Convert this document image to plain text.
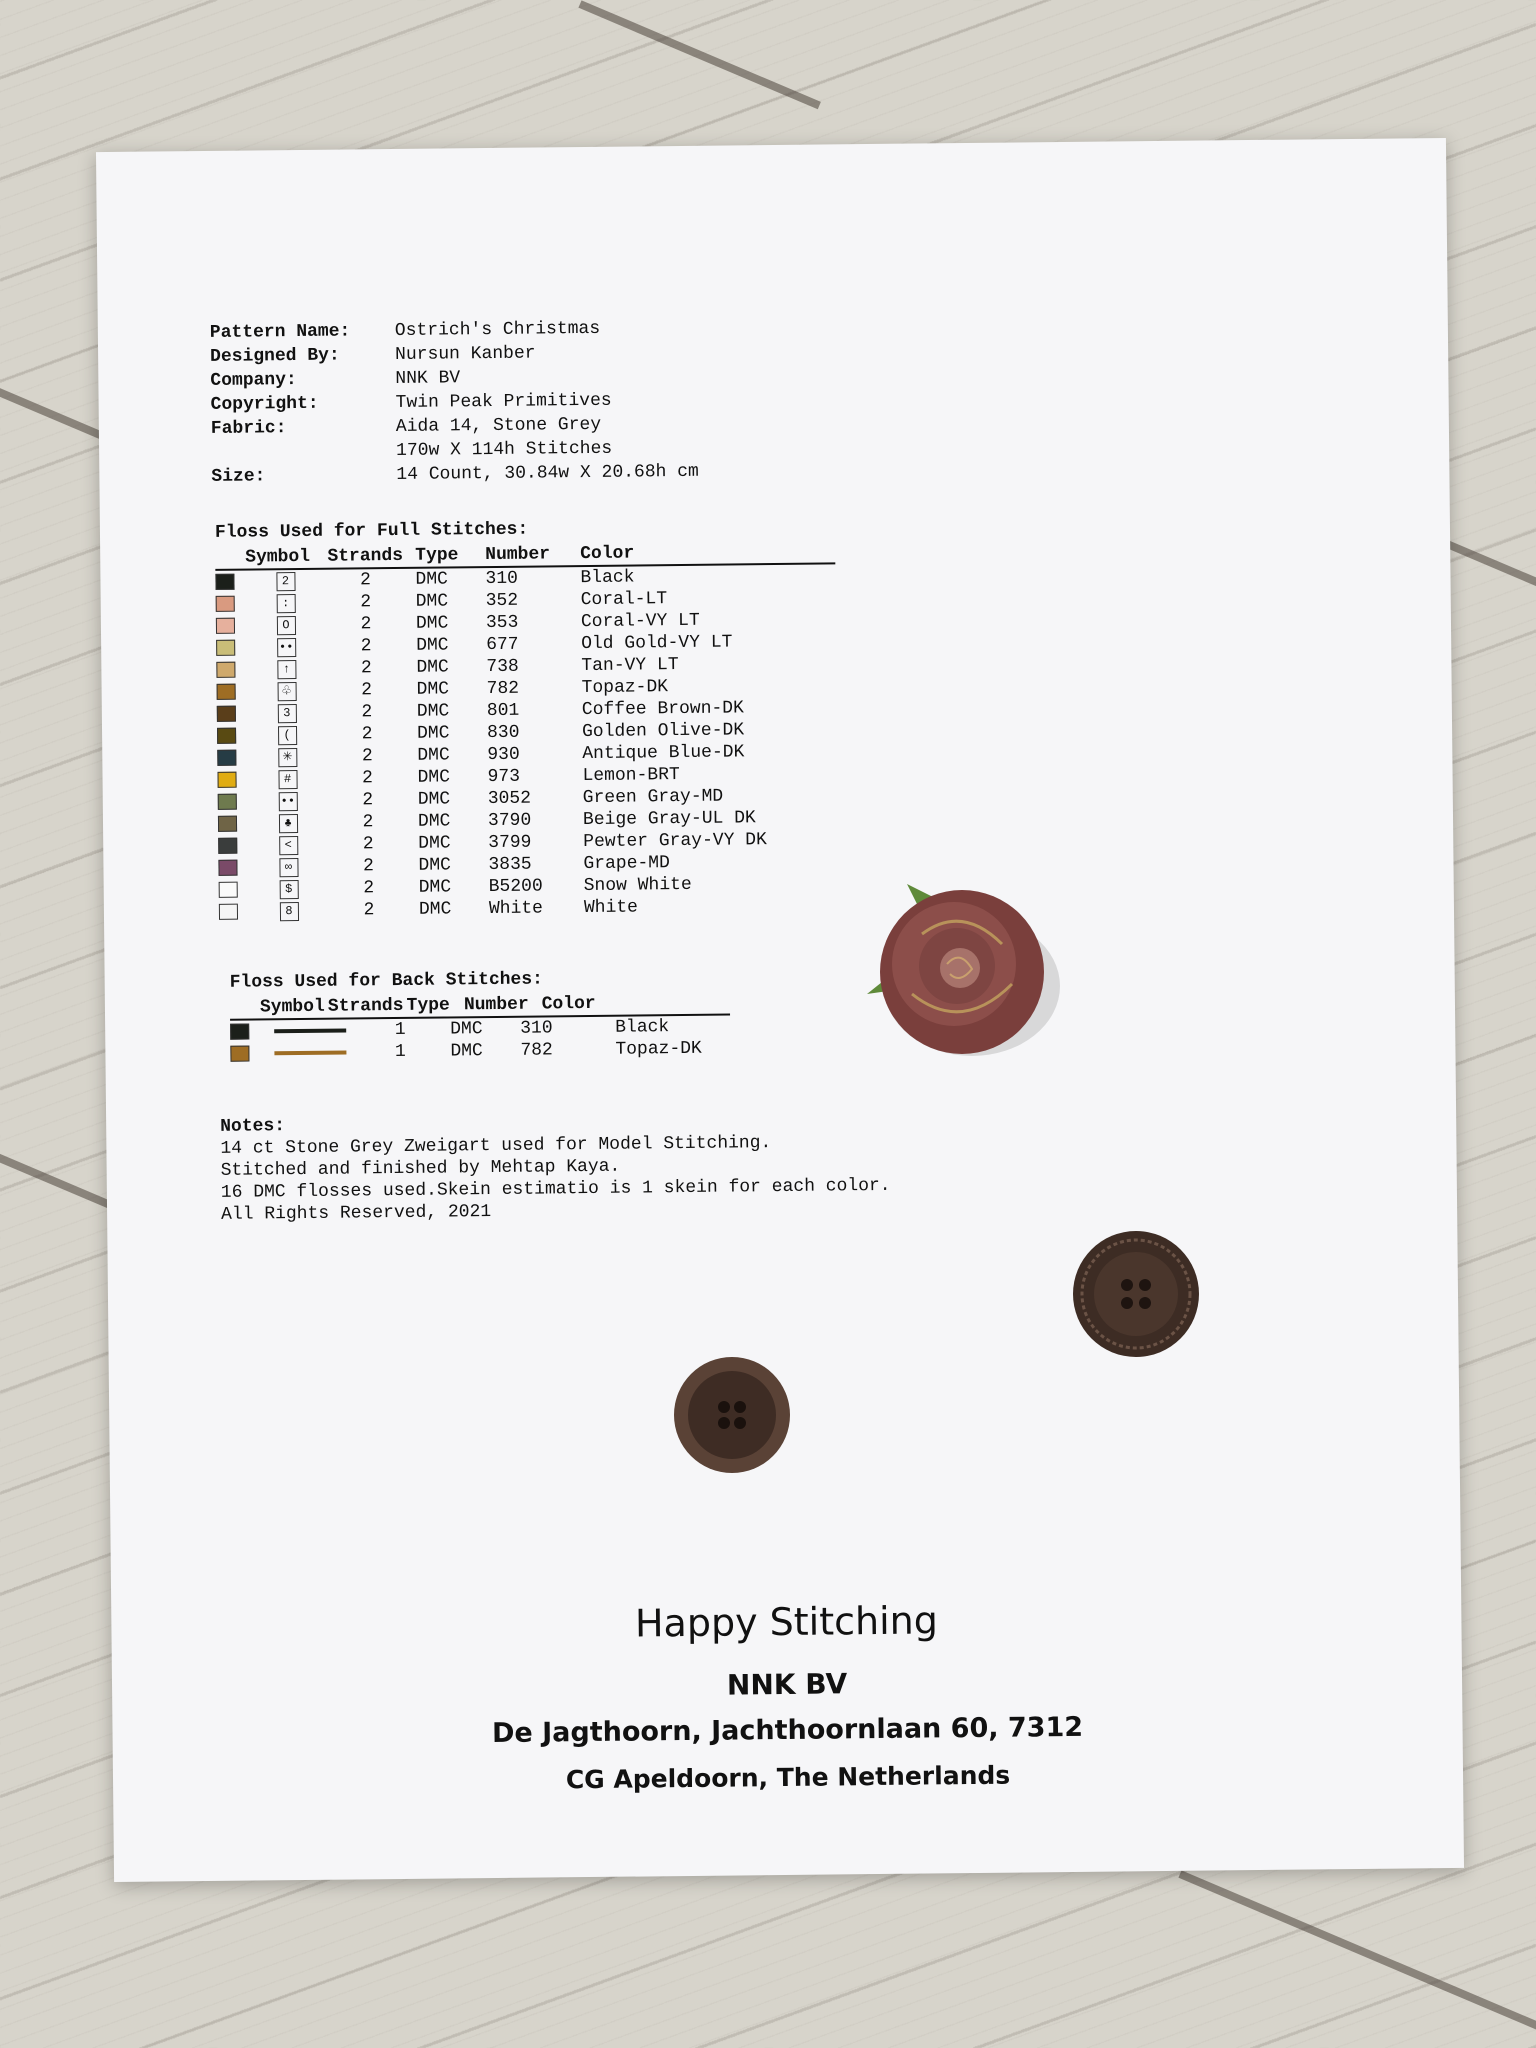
Pattern Name:	Ostrich's Christmas
Designed By:	Nursun Kanber
Company:	NNK BV
Copyright:	Twin Peak Primitives
Fabric:	Aida 14, Stone Grey
170w X 114h Stitches
Size:	14 Count, 30.84w X 20.68h cm
Floss Used for Full Stitches:
Symbol Strands Type	Number	Color
2	2	DMC	310	Black
:	2	DMC	352	Coral-LT
O	2	DMC	353	Coral-VY LT
••	2	DMC	677	Old Gold-VY LT
↑	2	DMC	738	Tan-VY LT
♧	2	DMC	782	Topaz-DK
3	2	DMC	801	Coffee Brown-DK
(	2	DMC	830	Golden Olive-DK
✳	2	DMC	930	Antique Blue-DK
#	2	DMC	973	Lemon-BRT
••	2	DMC	3052	Green Gray-MD
♣	2	DMC	3790	Beige Gray-UL DK
<	2	DMC	3799	Pewter Gray-VY DK
∞	2	DMC	3835	Grape-MD
$	2	DMC	B5200	Snow White
8	2	DMC	White	White
Floss Used for Back Stitches:
Symbol Strands Type Number Color
1	DMC	310	Black
1	DMC	782	Topaz-DK
Notes:
14 ct Stone Grey Zweigart used for Model Stitching.
Stitched and finished by Mehtap Kaya.
16 DMC flosses used.Skein estimatio is 1 skein for each color.
All Rights Reserved, 2021
Happy Stitching
NNK BV
De Jagthoorn, Jachthoornlaan 60, 7312
CG Apeldoorn, The Netherlands
